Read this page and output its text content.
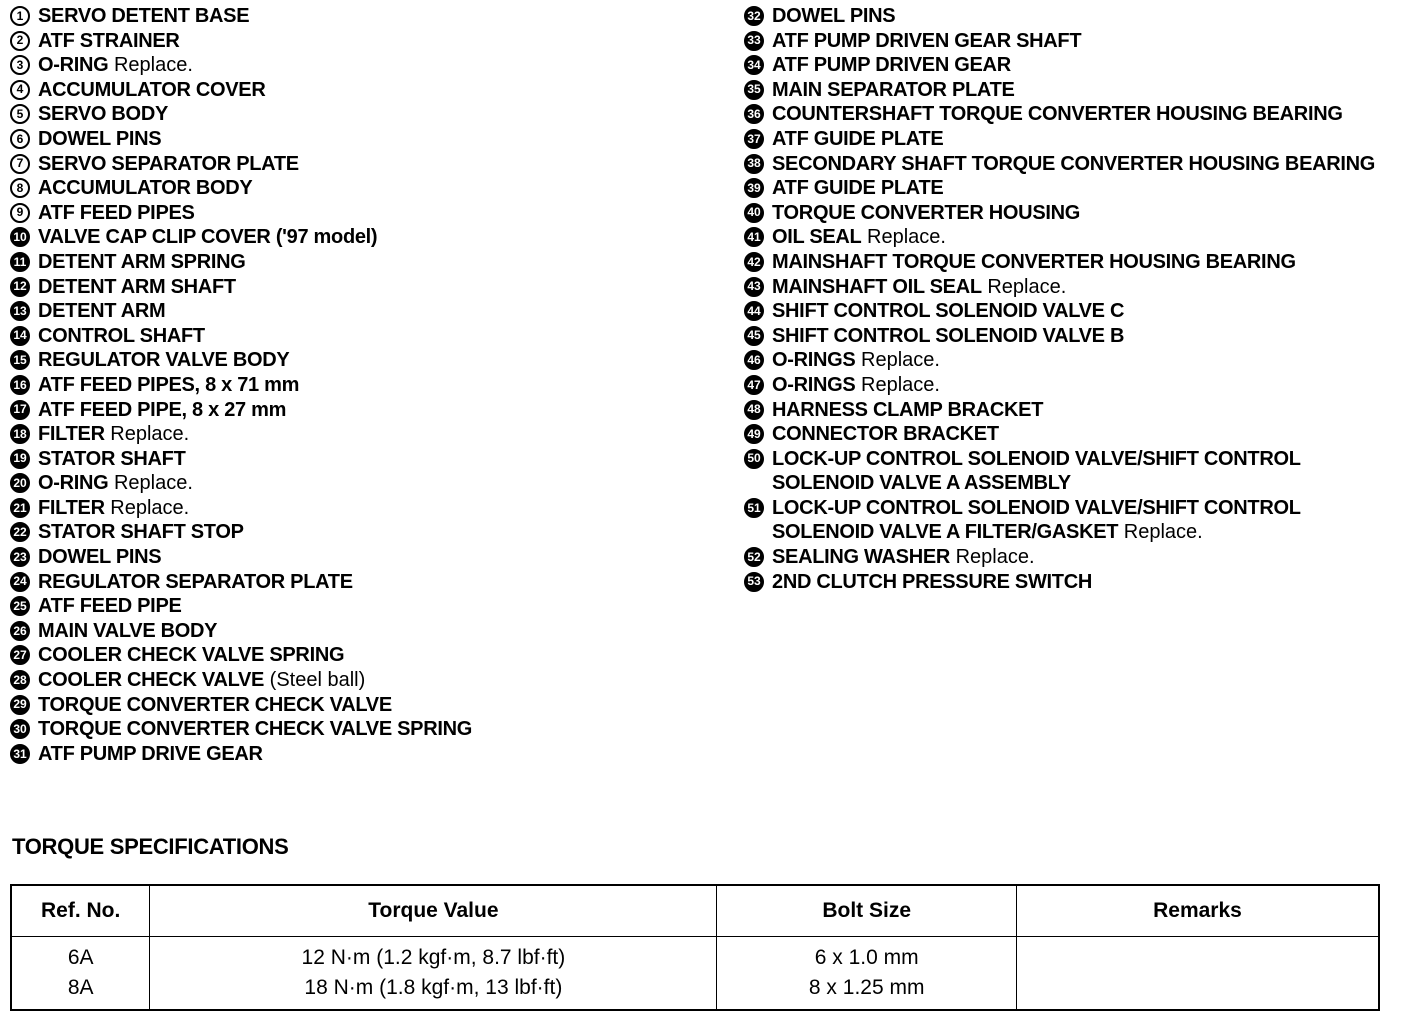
1 SERVO DETENT BASE
2 ATF STRAINER
3 O-RING Replace.
4 ACCUMULATOR COVER
5 SERVO BODY
6 DOWEL PINS
7 SERVO SEPARATOR PLATE
8 ACCUMULATOR BODY
9 ATF FEED PIPES
10 VALVE CAP CLIP COVER ('97 model)
11 DETENT ARM SPRING
12 DETENT ARM SHAFT
13 DETENT ARM
14 CONTROL SHAFT
15 REGULATOR VALVE BODY
16 ATF FEED PIPES, 8 x 71 mm
17 ATF FEED PIPE, 8 x 27 mm
18 FILTER Replace.
19 STATOR SHAFT
20 O-RING Replace.
21 FILTER Replace.
22 STATOR SHAFT STOP
23 DOWEL PINS
24 REGULATOR SEPARATOR PLATE
25 ATF FEED PIPE
26 MAIN VALVE BODY
27 COOLER CHECK VALVE SPRING
28 COOLER CHECK VALVE (Steel ball)
29 TORQUE CONVERTER CHECK VALVE
30 TORQUE CONVERTER CHECK VALVE SPRING
31 ATF PUMP DRIVE GEAR
32 DOWEL PINS
33 ATF PUMP DRIVEN GEAR SHAFT
34 ATF PUMP DRIVEN GEAR
35 MAIN SEPARATOR PLATE
36 COUNTERSHAFT TORQUE CONVERTER HOUSING BEARING
37 ATF GUIDE PLATE
38 SECONDARY SHAFT TORQUE CONVERTER HOUSING BEARING
39 ATF GUIDE PLATE
40 TORQUE CONVERTER HOUSING
41 OIL SEAL Replace.
42 MAINSHAFT TORQUE CONVERTER HOUSING BEARING
43 MAINSHAFT OIL SEAL Replace.
44 SHIFT CONTROL SOLENOID VALVE C
45 SHIFT CONTROL SOLENOID VALVE B
46 O-RINGS Replace.
47 O-RINGS Replace.
48 HARNESS CLAMP BRACKET
49 CONNECTOR BRACKET
50 LOCK-UP CONTROL SOLENOID VALVE/SHIFT CONTROL SOLENOID VALVE A ASSEMBLY
51 LOCK-UP CONTROL SOLENOID VALVE/SHIFT CONTROL SOLENOID VALVE A FILTER/GASKET Replace.
52 SEALING WASHER Replace.
53 2ND CLUTCH PRESSURE SWITCH
TORQUE SPECIFICATIONS
Ref. No.	Torque Value	Bolt Size	Remarks
6A	12 N·m (1.2 kgf·m, 8.7 lbf·ft)	6 x 1.0 mm	
8A	18 N·m (1.8 kgf·m, 13 lbf·ft)	8 x 1.25 mm	
